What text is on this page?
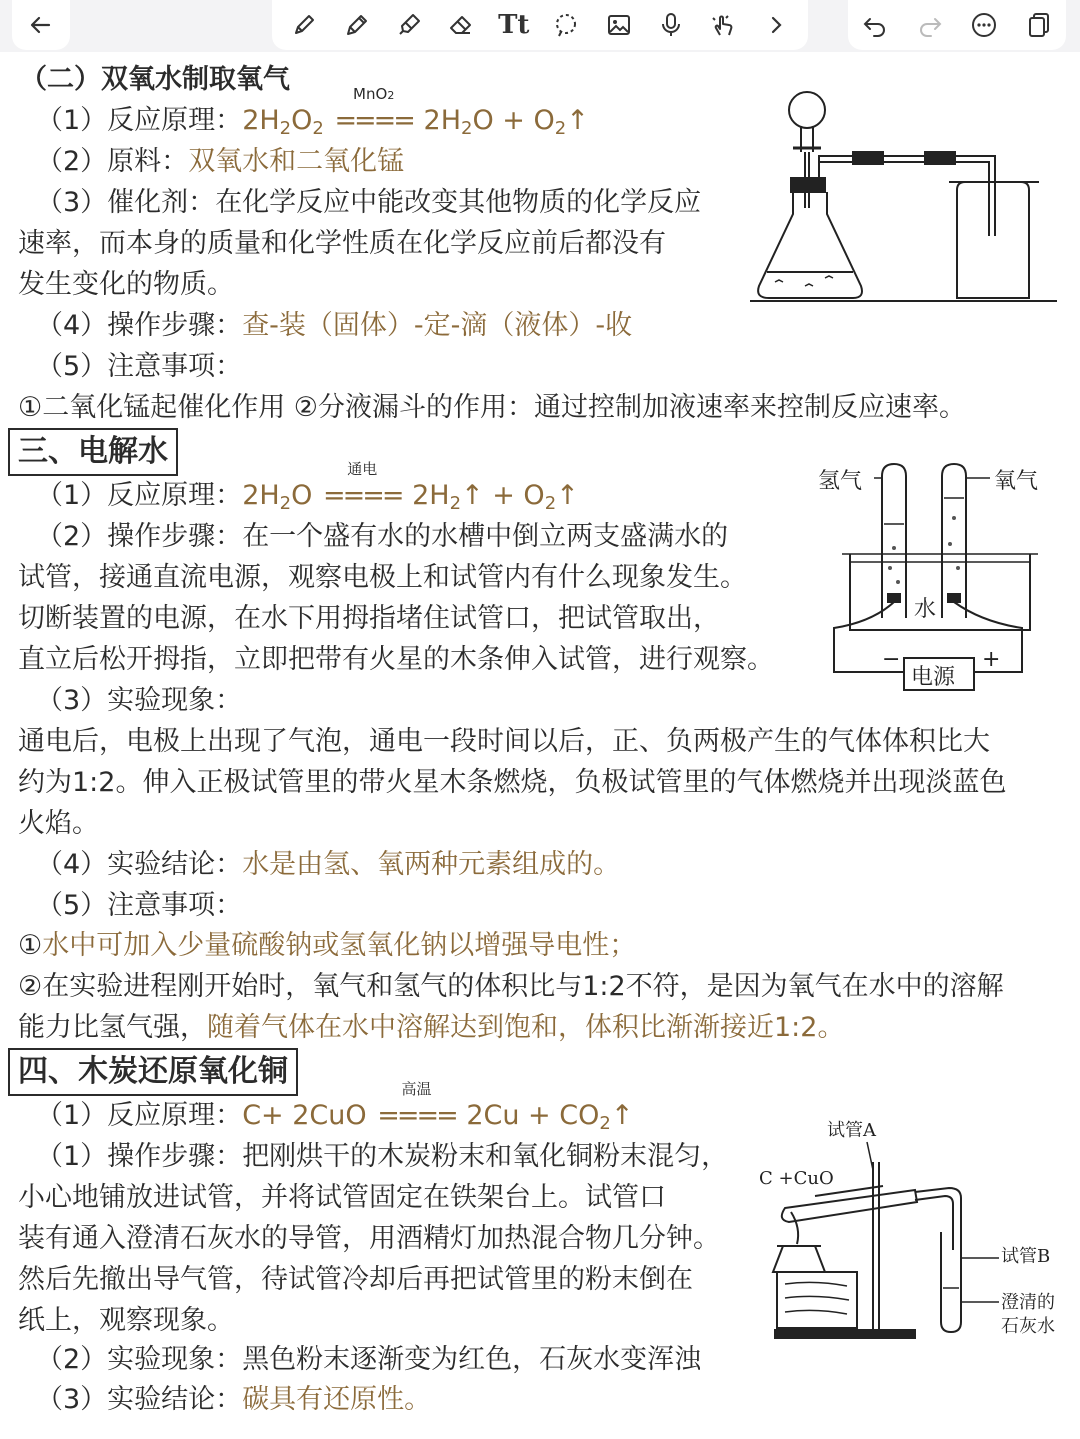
Tt
（二）双氧水制取氧气
（1）反应原理：$2H_2O_2$
MnO2
==== $2H_2O$ + $O_2↑$
（2）原料：双氧水和二氧化锰
（3）催化剂：在化学反应中能改变其他物质的化学反应
速率，而本身的质量和化学性质在化学反应前后都没有
发生变化的物质。
（4）操作步骤：查-装（固体）-定-滴（液体）-收
（5）注意事项：
①二氧化锰起催化作用 ②分液漏斗的作用：通过控制加液速率来控制反应速率。
三、电解水
（1）反应原理：$2H_2O$
通电
==== $2H_2↑$ + $O_2↑$
（2）操作步骤：在一个盛有水的水槽中倒立两支盛满水的
试管，接通直流电源，观察电极上和试管内有什么现象发生。
切断装置的电源，在水下用拇指堵住试管口，把试管取出，
直立后松开拇指，立即把带有火星的木条伸入试管，进行观察。
（3）实验现象：
通电后，电极上出现了气泡，通电一段时间以后，正、负两极产生的气体体积比大
约为1:2。伸入正极试管里的带火星木条燃烧，负极试管里的气体燃烧并出现淡蓝色
火焰。
（4）实验结论：水是由氢、氧两种元素组成的。
（5）注意事项：
①水中可加入少量硫酸钠或氢氧化钠以增强导电性；
②在实验进程刚开始时，氧气和氢气的体积比与1:2不符，是因为氧气在水中的溶解
能力比氢气强，随着气体在水中溶解达到饱和，体积比渐渐接近1:2。
氢气	氧气
水
电源
−	+
四、木炭还原氧化铜
（1）反应原理：C+ 2CuO
高温
==== $2Cu + CO_2↑$
（1）操作步骤：把刚烘干的木炭粉末和氧化铜粉末混匀，
小心地铺放进试管，并将试管固定在铁架台上。试管口
装有通入澄清石灰水的导管，用酒精灯加热混合物几分钟。
然后先撤出导气管，待试管冷却后再把试管里的粉末倒在
纸上，观察现象。
（2）实验现象：黑色粉末逐渐变为红色，石灰水变浑浊
（3）实验结论：碳具有还原性。
试管A
C +CuO
试管B
澄清的
石灰水
